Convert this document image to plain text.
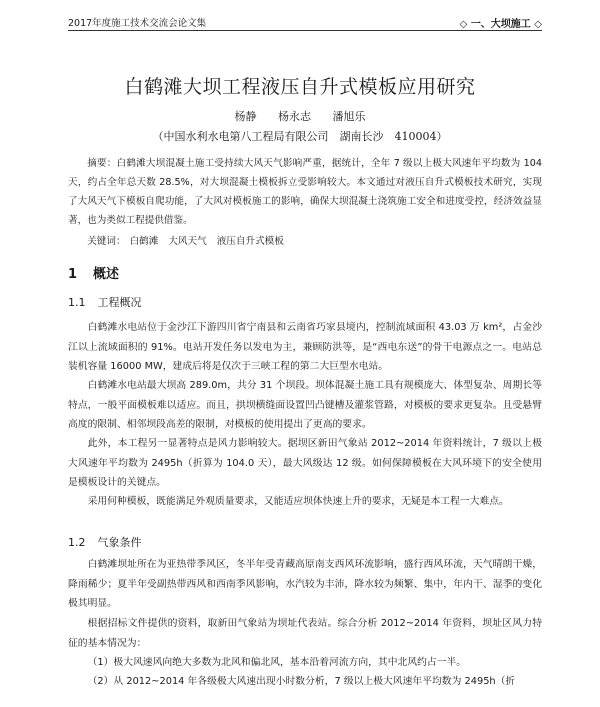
2017年度施工技术交流会论文集	◇ 一、大坝施工 ◇
白鹤滩大坝工程液压自升式模板应用研究
杨静 杨永志 潘旭乐
（中国水利水电第八工程局有限公司　湖南长沙　410004）
摘要：白鹤滩大坝混凝土施工受持续大风天气影响严重，据统计，全年 7 级以上极大风速年平均数为 104 天，约占全年总天数 28.5%，对大坝混凝土模板拆立受影响较大。本文通过对液压自升式模板技术研究，实现了大风天气下模板自爬功能，了大风对模板施工的影响，确保大坝混凝土浇筑施工安全和进度受控，经济效益显著，也为类似工程提供借鉴。
关键词： 白鹤滩 大风天气 液压自升式模板
1 概述
1.1 工程概况
白鹤滩水电站位于金沙江下游四川省宁南县和云南省巧家县境内，控制流域面积 43.03 万 km²，占金沙江以上流域面积的 91%。电站开发任务以发电为主，兼顾防洪等，是“西电东送”的骨干电源点之一。电站总装机容量 16000 MW，建成后将是仅次于三峡工程的第二大巨型水电站。
白鹤滩水电站最大坝高 289.0m，共分 31 个坝段。坝体混凝土施工具有规模庞大、体型复杂、周期长等特点，一般平面模板难以适应。而且，拱坝横缝面设置凹凸键槽及灌浆管路，对模板的要求更复杂。且受悬臂高度的限制、相邻坝段高差的限制，对模板的使用提出了更高的要求。
此外，本工程另一显著特点是风力影响较大。据坝区新田气象站 2012~2014 年资料统计，7 级以上极大风速年平均数为 2495h（折算为 104.0 天），最大风级达 12 级。如何保障模板在大风环境下的安全使用是模板设计的关键点。
采用何种模板，既能满足外观质量要求，又能适应坝体快速上升的要求，无疑是本工程一大难点。
1.2 气象条件
白鹤滩坝址所在为亚热带季风区，冬半年受青藏高原南支西风环流影响，盛行西风环流，天气晴朗干燥，降雨稀少；夏半年受副热带西风和西南季风影响，水汽较为丰沛，降水较为频繁、集中，年内干、湿季的变化极其明显。
根据招标文件提供的资料，取新田气象站为坝址代表站。综合分析 2012~2014 年资料，坝址区风力特征的基本情况为：
（1）极大风速风向绝大多数为北风和偏北风，基本沿着河流方向，其中北风约占一半。
（2）从 2012~2014 年各级极大风速出现小时数分析，7 级以上极大风速年平均数为 2495h（折
